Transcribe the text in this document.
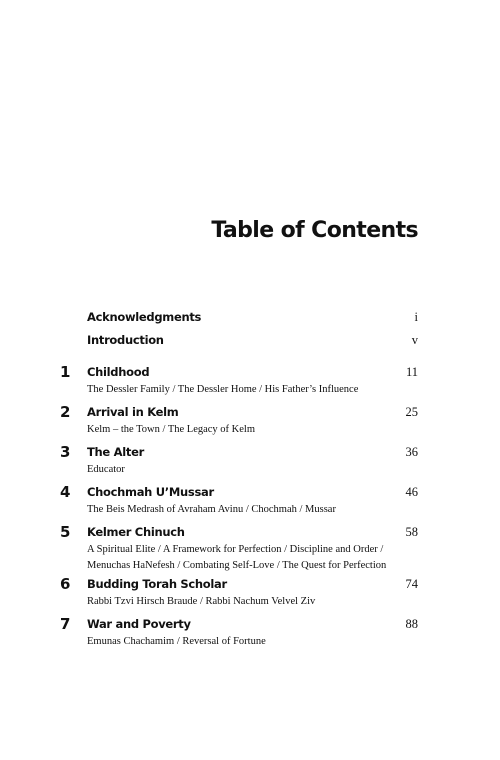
Table of Contents
Acknowledgments	i
Introduction	v
1 Childhood	11
The Dessler Family / The Dessler Home / His Father’s Influence
2 Arrival in Kelm	25
Kelm – the Town / The Legacy of Kelm
3 The Alter	36
Educator
4 Chochmah U’Mussar	46
The Beis Medrash of Avraham Avinu / Chochmah / Mussar
5 Kelmer Chinuch	58
A Spiritual Elite / A Framework for Perfection / Discipline and Order /
Menuchas HaNefesh / Combating Self-Love / The Quest for Perfection
6 Budding Torah Scholar	74
Rabbi Tzvi Hirsch Braude / Rabbi Nachum Velvel Ziv
7 War and Poverty	88
Emunas Chachamim / Reversal of Fortune
